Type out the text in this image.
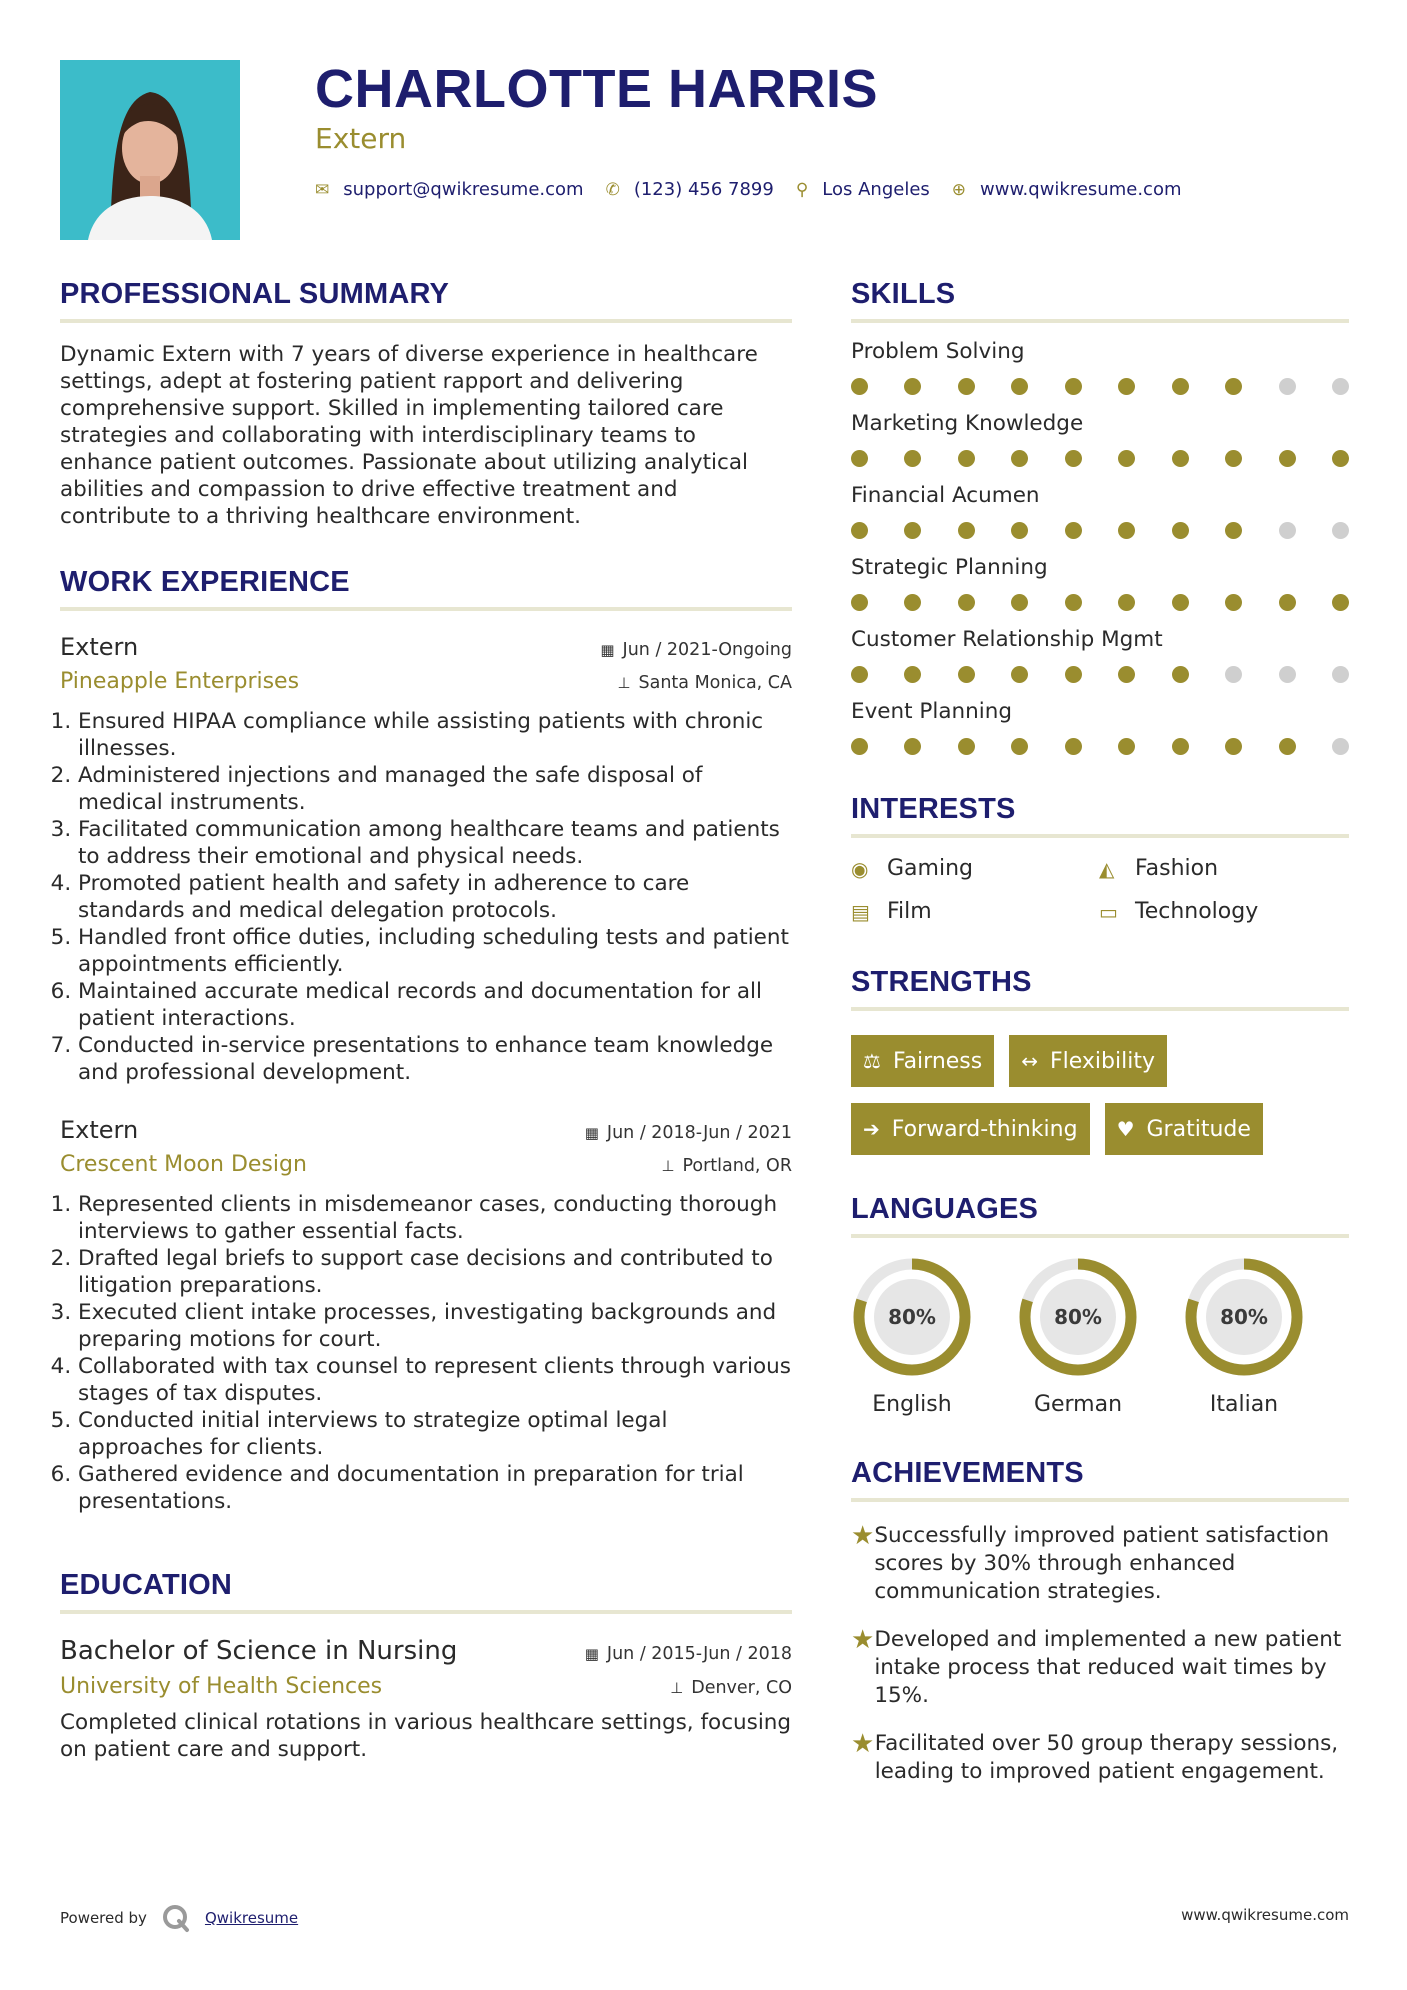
CHARLOTTE HARRIS
Extern
✉ support@qwikresume.com ✆ (123) 456 7899 ⚲ Los Angeles ⊕ www.qwikresume.com
PROFESSIONAL SUMMARY
Dynamic Extern with 7 years of diverse experience in healthcare settings, adept at fostering patient rapport and delivering comprehensive support. Skilled in implementing tailored care strategies and collaborating with interdisciplinary teams to enhance patient outcomes. Passionate about utilizing analytical abilities and compassion to drive effective treatment and contribute to a thriving healthcare environment.
WORK EXPERIENCE
Extern	▦ Jun / 2021-Ongoing
Pineapple Enterprises	⊥ Santa Monica, CA
1. Ensured HIPAA compliance while assisting patients with chronic illnesses.
2. Administered injections and managed the safe disposal of medical instruments.
3. Facilitated communication among healthcare teams and patients to address their emotional and physical needs.
4. Promoted patient health and safety in adherence to care standards and medical delegation protocols.
5. Handled front office duties, including scheduling tests and patient appointments efficiently.
6. Maintained accurate medical records and documentation for all patient interactions.
7. Conducted in-service presentations to enhance team knowledge and professional development.
Extern	▦ Jun / 2018-Jun / 2021
Crescent Moon Design	⊥ Portland, OR
1. Represented clients in misdemeanor cases, conducting thorough interviews to gather essential facts.
2. Drafted legal briefs to support case decisions and contributed to litigation preparations.
3. Executed client intake processes, investigating backgrounds and preparing motions for court.
4. Collaborated with tax counsel to represent clients through various stages of tax disputes.
5. Conducted initial interviews to strategize optimal legal approaches for clients.
6. Gathered evidence and documentation in preparation for trial presentations.
EDUCATION
Bachelor of Science in Nursing	▦ Jun / 2015-Jun / 2018
University of Health Sciences	⊥ Denver, CO
Completed clinical rotations in various healthcare settings, focusing on patient care and support.
SKILLS
Problem Solving
Marketing Knowledge
Financial Acumen
Strategic Planning
Customer Relationship Mgmt
Event Planning
INTERESTS
◉ Gaming	◭ Fashion
▤ Film	▭ Technology
STRENGTHS
⚖ Fairness ↔ Flexibility
➔ Forward-thinking ♥ Gratitude
LANGUAGES
80%
English
80%
German
80%
Italian
ACHIEVEMENTS
★ Successfully improved patient satisfaction scores by 30% through enhanced communication strategies.
★ Developed and implemented a new patient intake process that reduced wait times by 15%.
★ Facilitated over 50 group therapy sessions, leading to improved patient engagement.
Powered by	Qwikresume	www.qwikresume.com
